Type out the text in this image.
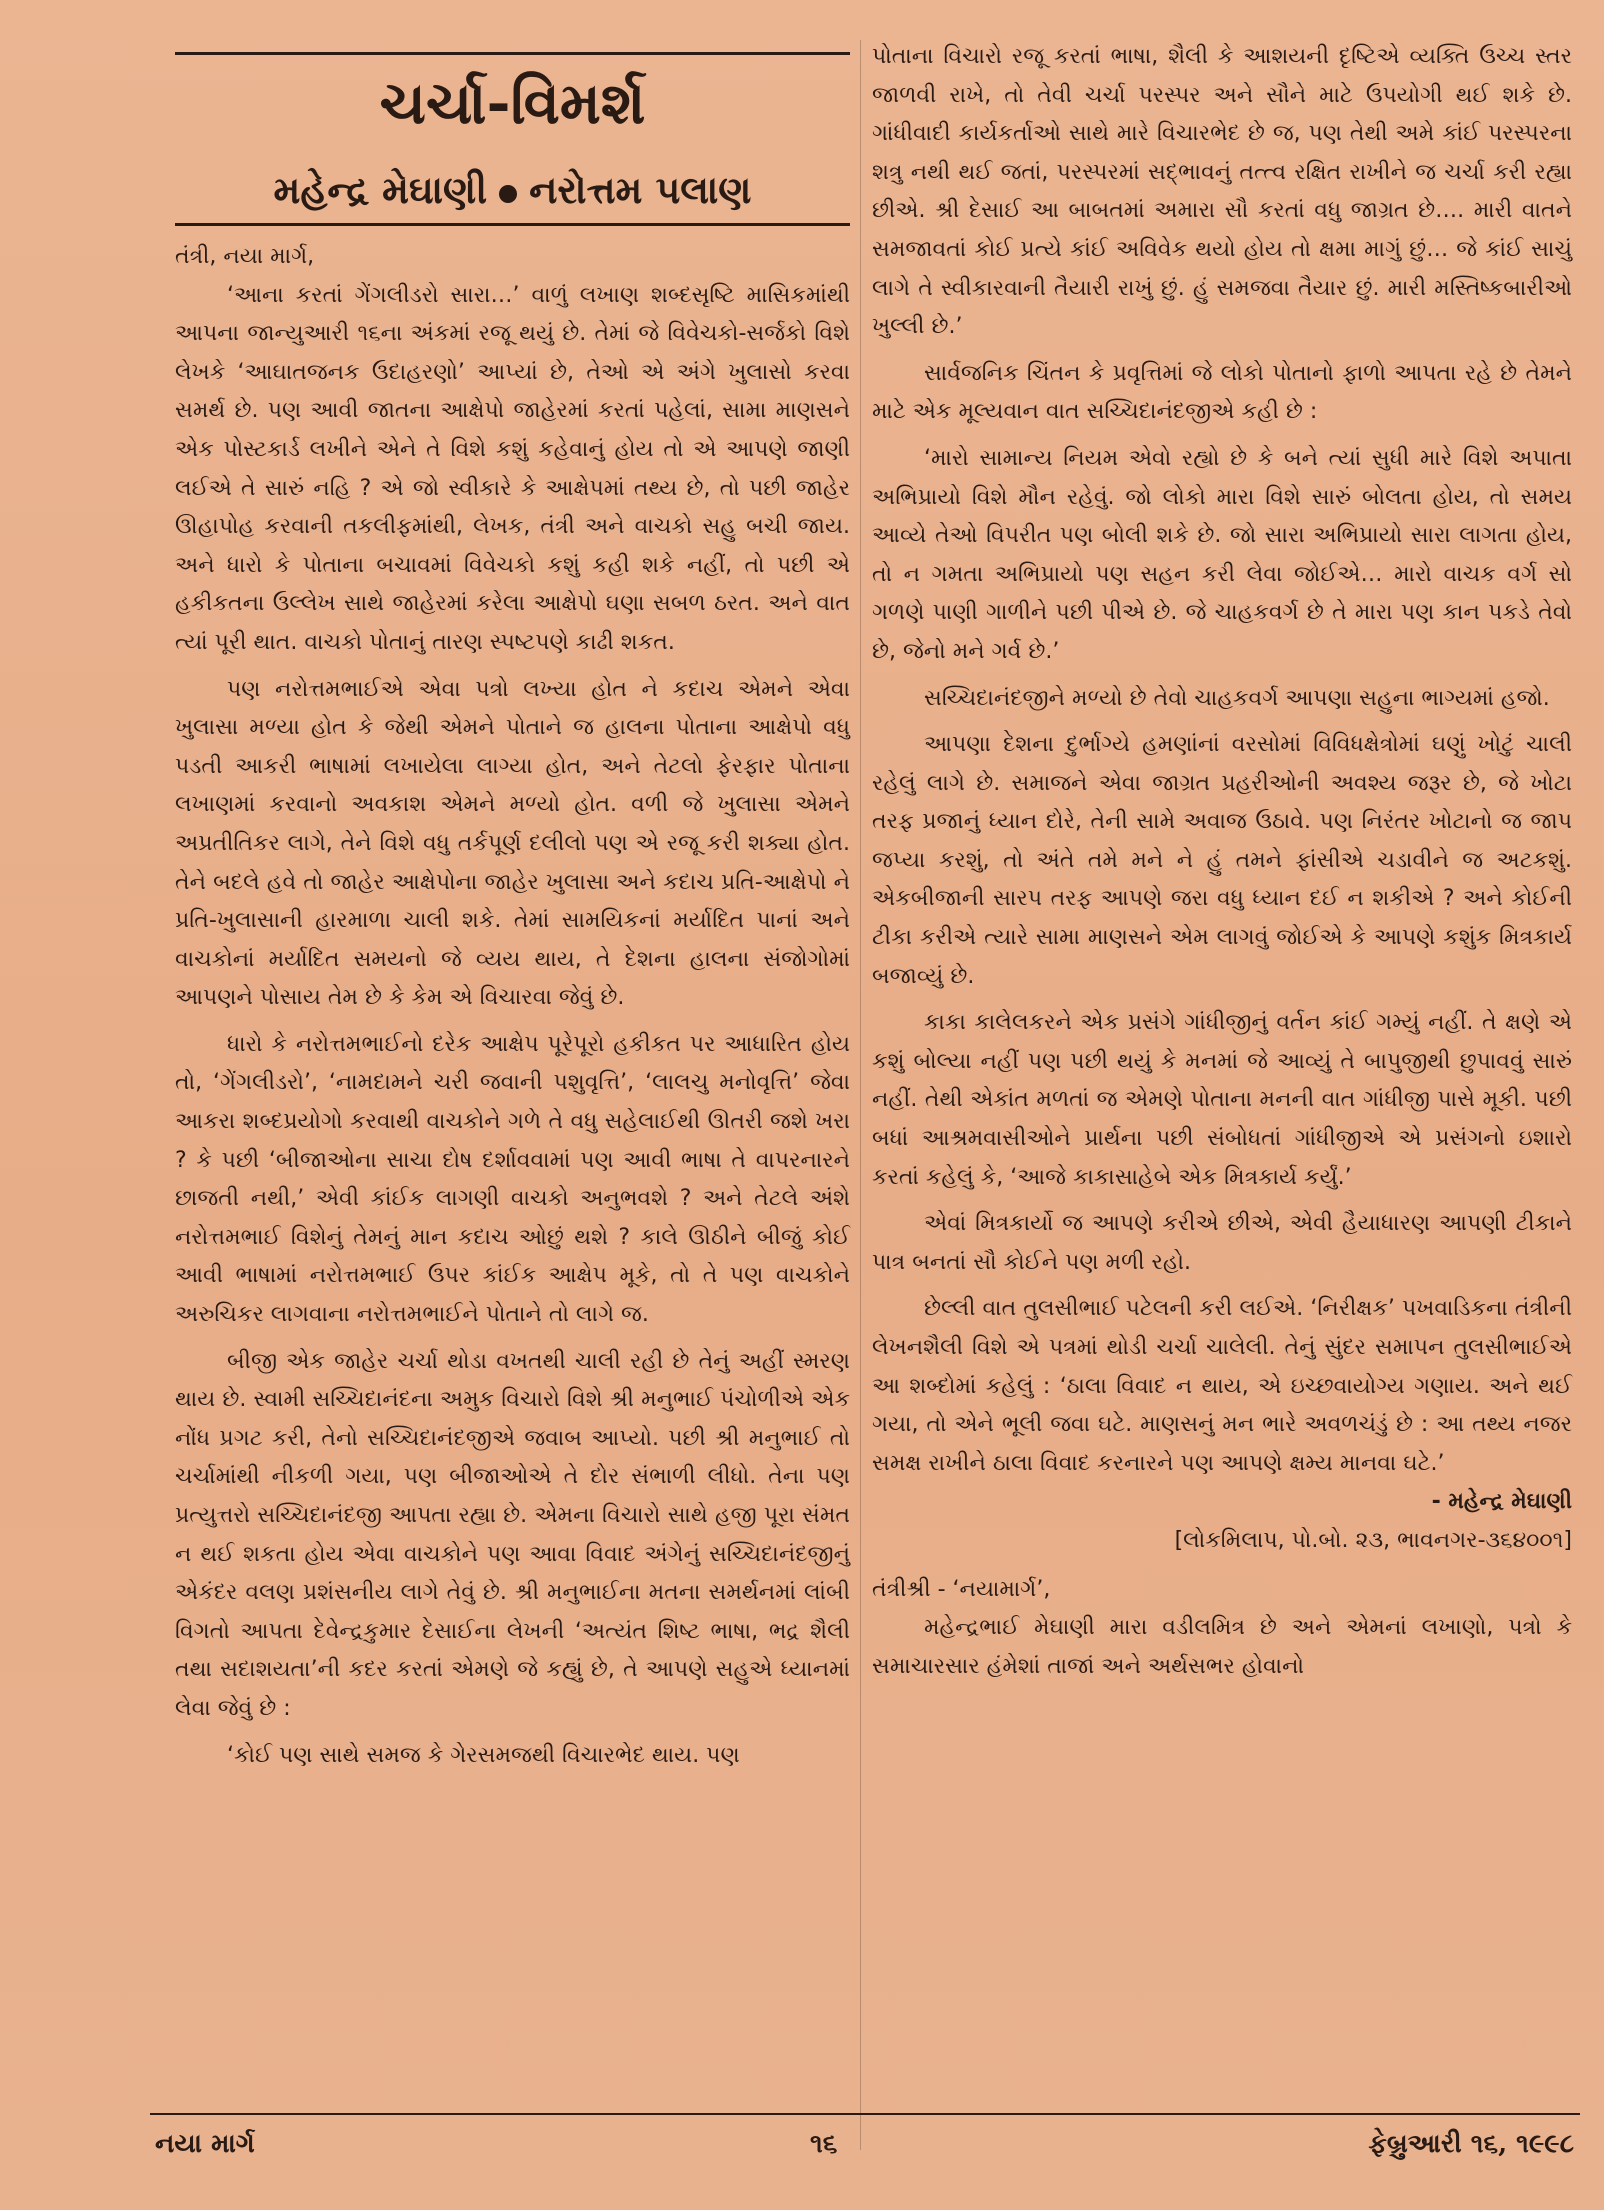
ચર્ચા-વિમર્શ
મહેન્દ્ર મેઘાણી નરોત્તમ પલાણ

તંત્રી, નયા માર્ગ,

‘આના કરતાં ગેંગલીડરો સારા…’ વાળું લખાણ શબ્દસૃષ્ટિ માસિકમાંથી આપના જાન્યુઆરી ૧૬ના અંકમાં રજૂ થયું છે. તેમાં જે વિવેચકો-સર્જકો વિશે લેખકે ‘આઘાતજનક ઉદાહરણો’ આપ્યાં છે, તેઓ એ અંગે ખુલાસો કરવા સમર્થ છે. પણ આવી જાતના આક્ષેપો જાહેરમાં કરતાં પહેલાં, સામા માણસને એક પોસ્ટકાર્ડ લખીને એને તે વિશે કશું કહેવાનું હોય તો એ આપણે જાણી લઈએ તે સારું નહિ ? એ જો સ્વીકારે કે આક્ષેપમાં તથ્ય છે, તો પછી જાહેર ઊહાપોહ કરવાની તકલીફમાંથી, લેખક, તંત્રી અને વાચકો સહુ બચી જાય. અને ધારો કે પોતાના બચાવમાં વિવેચકો કશું કહી શકે નહીં, તો પછી એ હકીકતના ઉલ્લેખ સાથે જાહેરમાં કરેલા આક્ષેપો ઘણા સબળ ઠરત. અને વાત ત્યાં પૂરી થાત. વાચકો પોતાનું તારણ સ્પષ્ટપણે કાઢી શકત.

પણ નરોત્તમભાઈએ એવા પત્રો લખ્યા હોત ને કદાચ એમને એવા ખુલાસા મળ્યા હોત કે જેથી એમને પોતાને જ હાલના પોતાના આક્ષેપો વધુ પડતી આકરી ભાષામાં લખાયેલા લાગ્યા હોત, અને તેટલો ફેરફાર પોતાના લખાણમાં કરવાનો અવકાશ એમને મળ્યો હોત. વળી જે ખુલાસા એમને અપ્રતીતિકર લાગે, તેને વિશે વધુ તર્કપૂર્ણ દલીલો પણ એ રજૂ કરી શક્યા હોત. તેને બદલે હવે તો જાહેર આક્ષેપોના જાહેર ખુલાસા અને કદાચ પ્રતિ-આક્ષેપો ને પ્રતિ-ખુલાસાની હારમાળા ચાલી શકે. તેમાં સામયિકનાં મર્યાદિત પાનાં અને વાચકોનાં મર્યાદિત સમયનો જે વ્યય થાય, તે દેશના હાલના સંજોગોમાં આપણને પોસાય તેમ છે કે કેમ એ વિચારવા જેવું છે.

ધારો કે નરોત્તમભાઈનો દરેક આક્ષેપ પૂરેપૂરો હકીકત પર આધારિત હોય તો, ‘ગેંગલીડરો’, ‘નામદામને ચરી જવાની પશુવૃત્તિ’, ‘લાલચુ મનોવૃત્તિ’ જેવા આકરા શબ્દપ્રયોગો કરવાથી વાચકોને ગળે તે વધુ સહેલાઈથી ઊતરી જશે ખરા ? કે પછી ‘બીજાઓના સાચા દોષ દર્શાવવામાં પણ આવી ભાષા તે વાપરનારને છાજતી નથી,’ એવી કાંઈક લાગણી વાચકો અનુભવશે ? અને તેટલે અંશે નરોત્તમભાઈ વિશેનું તેમનું માન કદાચ ઓછું થશે ? કાલે ઊઠીને બીજું કોઈ આવી ભાષામાં નરોત્તમભાઈ ઉપર કાંઈક આક્ષેપ મૂકે, તો તે પણ વાચકોને અરુચિકર લાગવાના નરોત્તમભાઈને પોતાને તો લાગે જ.

બીજી એક જાહેર ચર્ચા થોડા વખતથી ચાલી રહી છે તેનું અહીં સ્મરણ થાય છે. સ્વામી સચ્ચિદાનંદના અમુક વિચારો વિશે શ્રી મનુભાઈ પંચોળીએ એક નોંધ પ્રગટ કરી, તેનો સચ્ચિદાનંદજીએ જવાબ આપ્યો. પછી શ્રી મનુભાઈ તો ચર્ચામાંથી નીકળી ગયા, પણ બીજાઓએ તે દોર સંભાળી લીધો. તેના પણ પ્રત્યુત્તરો સચ્ચિદાનંદજી આપતા રહ્યા છે. એમના વિચારો સાથે હજી પૂરા સંમત ન થઈ શકતા હોય એવા વાચકોને પણ આવા વિવાદ અંગેનું સચ્ચિદાનંદજીનું એકંદર વલણ પ્રશંસનીય લાગે તેવું છે. શ્રી મનુભાઈના મતના સમર્થનમાં લાંબી વિગતો આપતા દેવેન્દ્રકુમાર દેસાઈના લેખની ‘અત્યંત શિષ્ટ ભાષા, ભદ્ર શૈલી તથા સદાશયતા’ની કદર કરતાં એમણે જે કહ્યું છે, તે આપણે સહુએ ધ્યાનમાં લેવા જેવું છે :

‘કોઈ પણ સાથે સમજ કે ગેરસમજથી વિચારભેદ થાય. પણ

પોતાના વિચારો રજૂ કરતાં ભાષા, શૈલી કે આશયની દૃષ્ટિએ વ્યક્તિ ઉચ્ચ સ્તર જાળવી રાખે, તો તેવી ચર્ચા પરસ્પર અને સૌને માટે ઉપયોગી થઈ શકે છે. ગાંધીવાદી કાર્યકર્તાઓ સાથે મારે વિચારભેદ છે જ, પણ તેથી અમે કાંઈ પરસ્પરના શત્રુ નથી થઈ જતાં, પરસ્પરમાં સદ્‌ભાવનું તત્ત્વ રક્ષિત રાખીને જ ચર્ચા કરી રહ્યા છીએ. શ્રી દેસાઈ આ બાબતમાં અમારા સૌ કરતાં વધુ જાગ્રત છે…. મારી વાતને સમજાવતાં કોઈ પ્રત્યે કાંઈ અવિવેક થયો હોય તો ક્ષમા માગું છું… જે કાંઈ સાચું લાગે તે સ્વીકારવાની તૈયારી રાખું છું. હું સમજવા તૈયાર છું. મારી મસ્તિષ્કબારીઓ ખુલ્લી છે.’

સાર્વજનિક ચિંતન કે પ્રવૃત્તિમાં જે લોકો પોતાનો ફાળો આપતા રહે છે તેમને માટે એક મૂલ્યવાન વાત સચ્ચિદાનંદજીએ કહી છે :

‘મારો સામાન્ય નિયમ એવો રહ્યો છે કે બને ત્યાં સુધી મારે વિશે અપાતા અભિપ્રાયો વિશે મૌન રહેવું. જો લોકો મારા વિશે સારું બોલતા હોય, તો સમય આવ્યે તેઓ વિપરીત પણ બોલી શકે છે. જો સારા અભિપ્રાયો સારા લાગતા હોય, તો ન ગમતા અભિપ્રાયો પણ સહન કરી લેવા જોઈએ… મારો વાચક વર્ગ સો ગળણે પાણી ગાળીને પછી પીએ છે. જે ચાહકવર્ગ છે તે મારા પણ કાન પકડે તેવો છે, જેનો મને ગર્વ છે.’

સચ્ચિદાનંદજીને મળ્યો છે તેવો ચાહકવર્ગ આપણા સહુના ભાગ્યમાં હજો.

આપણા દેશના દુર્ભાગ્યે હમણાંનાં વરસોમાં વિવિધક્ષેત્રોમાં ઘણું ખોટું ચાલી રહેલું લાગે છે. સમાજને એવા જાગ્રત પ્રહરીઓની અવશ્ય જરૂર છે, જે ખોટા તરફ પ્રજાનું ધ્યાન દોરે, તેની સામે અવાજ ઉઠાવે. પણ નિરંતર ખોટાનો જ જાપ જપ્યા કરશું, તો અંતે તમે મને ને હું તમને ફાંસીએ ચડાવીને જ અટકશું. એકબીજાની સારપ તરફ આપણે જરા વધુ ધ્યાન દઈ ન શકીએ ? અને કોઈની ટીકા કરીએ ત્યારે સામા માણસને એમ લાગવું જોઈએ કે આપણે કશુંક મિત્રકાર્ય બજાવ્યું છે.

કાકા કાલેલકરને એક પ્રસંગે ગાંધીજીનું વર્તન કાંઈ ગમ્યું નહીં. તે ક્ષણે એ કશું બોલ્યા નહીં પણ પછી થયું કે મનમાં જે આવ્યું તે બાપુજીથી છુપાવવું સારું નહીં. તેથી એકાંત મળતાં જ એમણે પોતાના મનની વાત ગાંધીજી પાસે મૂકી. પછી બધાં આશ્રમવાસીઓને પ્રાર્થના પછી સંબોધતાં ગાંધીજીએ એ પ્રસંગનો ઇશારો કરતાં કહેલું કે, ‘આજે કાકાસાહેબે એક મિત્રકાર્ય કર્યું.’

એવાં મિત્રકાર્યો જ આપણે કરીએ છીએ, એવી હૈયાધારણ આપણી ટીકાને પાત્ર બનતાં સૌ કોઈને પણ મળી રહો.

છેલ્લી વાત તુલસીભાઈ પટેલની કરી લઈએ. ‘નિરીક્ષક’ પખવાડિકના તંત્રીની લેખનશૈલી વિશે એ પત્રમાં થોડી ચર્ચા ચાલેલી. તેનું સુંદર સમાપન તુલસીભાઈએ આ શબ્દોમાં કહેલું : ‘ઠાલા વિવાદ ન થાય, એ ઇચ્છવાયોગ્ય ગણાય. અને થઈ ગયા, તો એને ભૂલી જવા ઘટે. માણસનું મન ભારે અવળચંડું છે : આ તથ્ય નજર સમક્ષ રાખીને ઠાલા વિવાદ કરનારને પણ આપણે ક્ષમ્ય માનવા ઘટે.’

- મહેન્દ્ર મેઘાણી

[લોકમિલાપ, પો.બો. ૨૩, ભાવનગર-૩૬૪૦૦૧]

તંત્રીશ્રી - ‘નયામાર્ગ’,

મહેન્દ્રભાઈ મેઘાણી મારા વડીલમિત્ર છે અને એમનાં લખાણો, પત્રો કે સમાચારસાર હંમેશાં તાજાં અને અર્થસભર હોવાનો

નયા માર્ગ	૧૬	ફેબ્રુઆરી ૧૬, ૧૯૯૮
